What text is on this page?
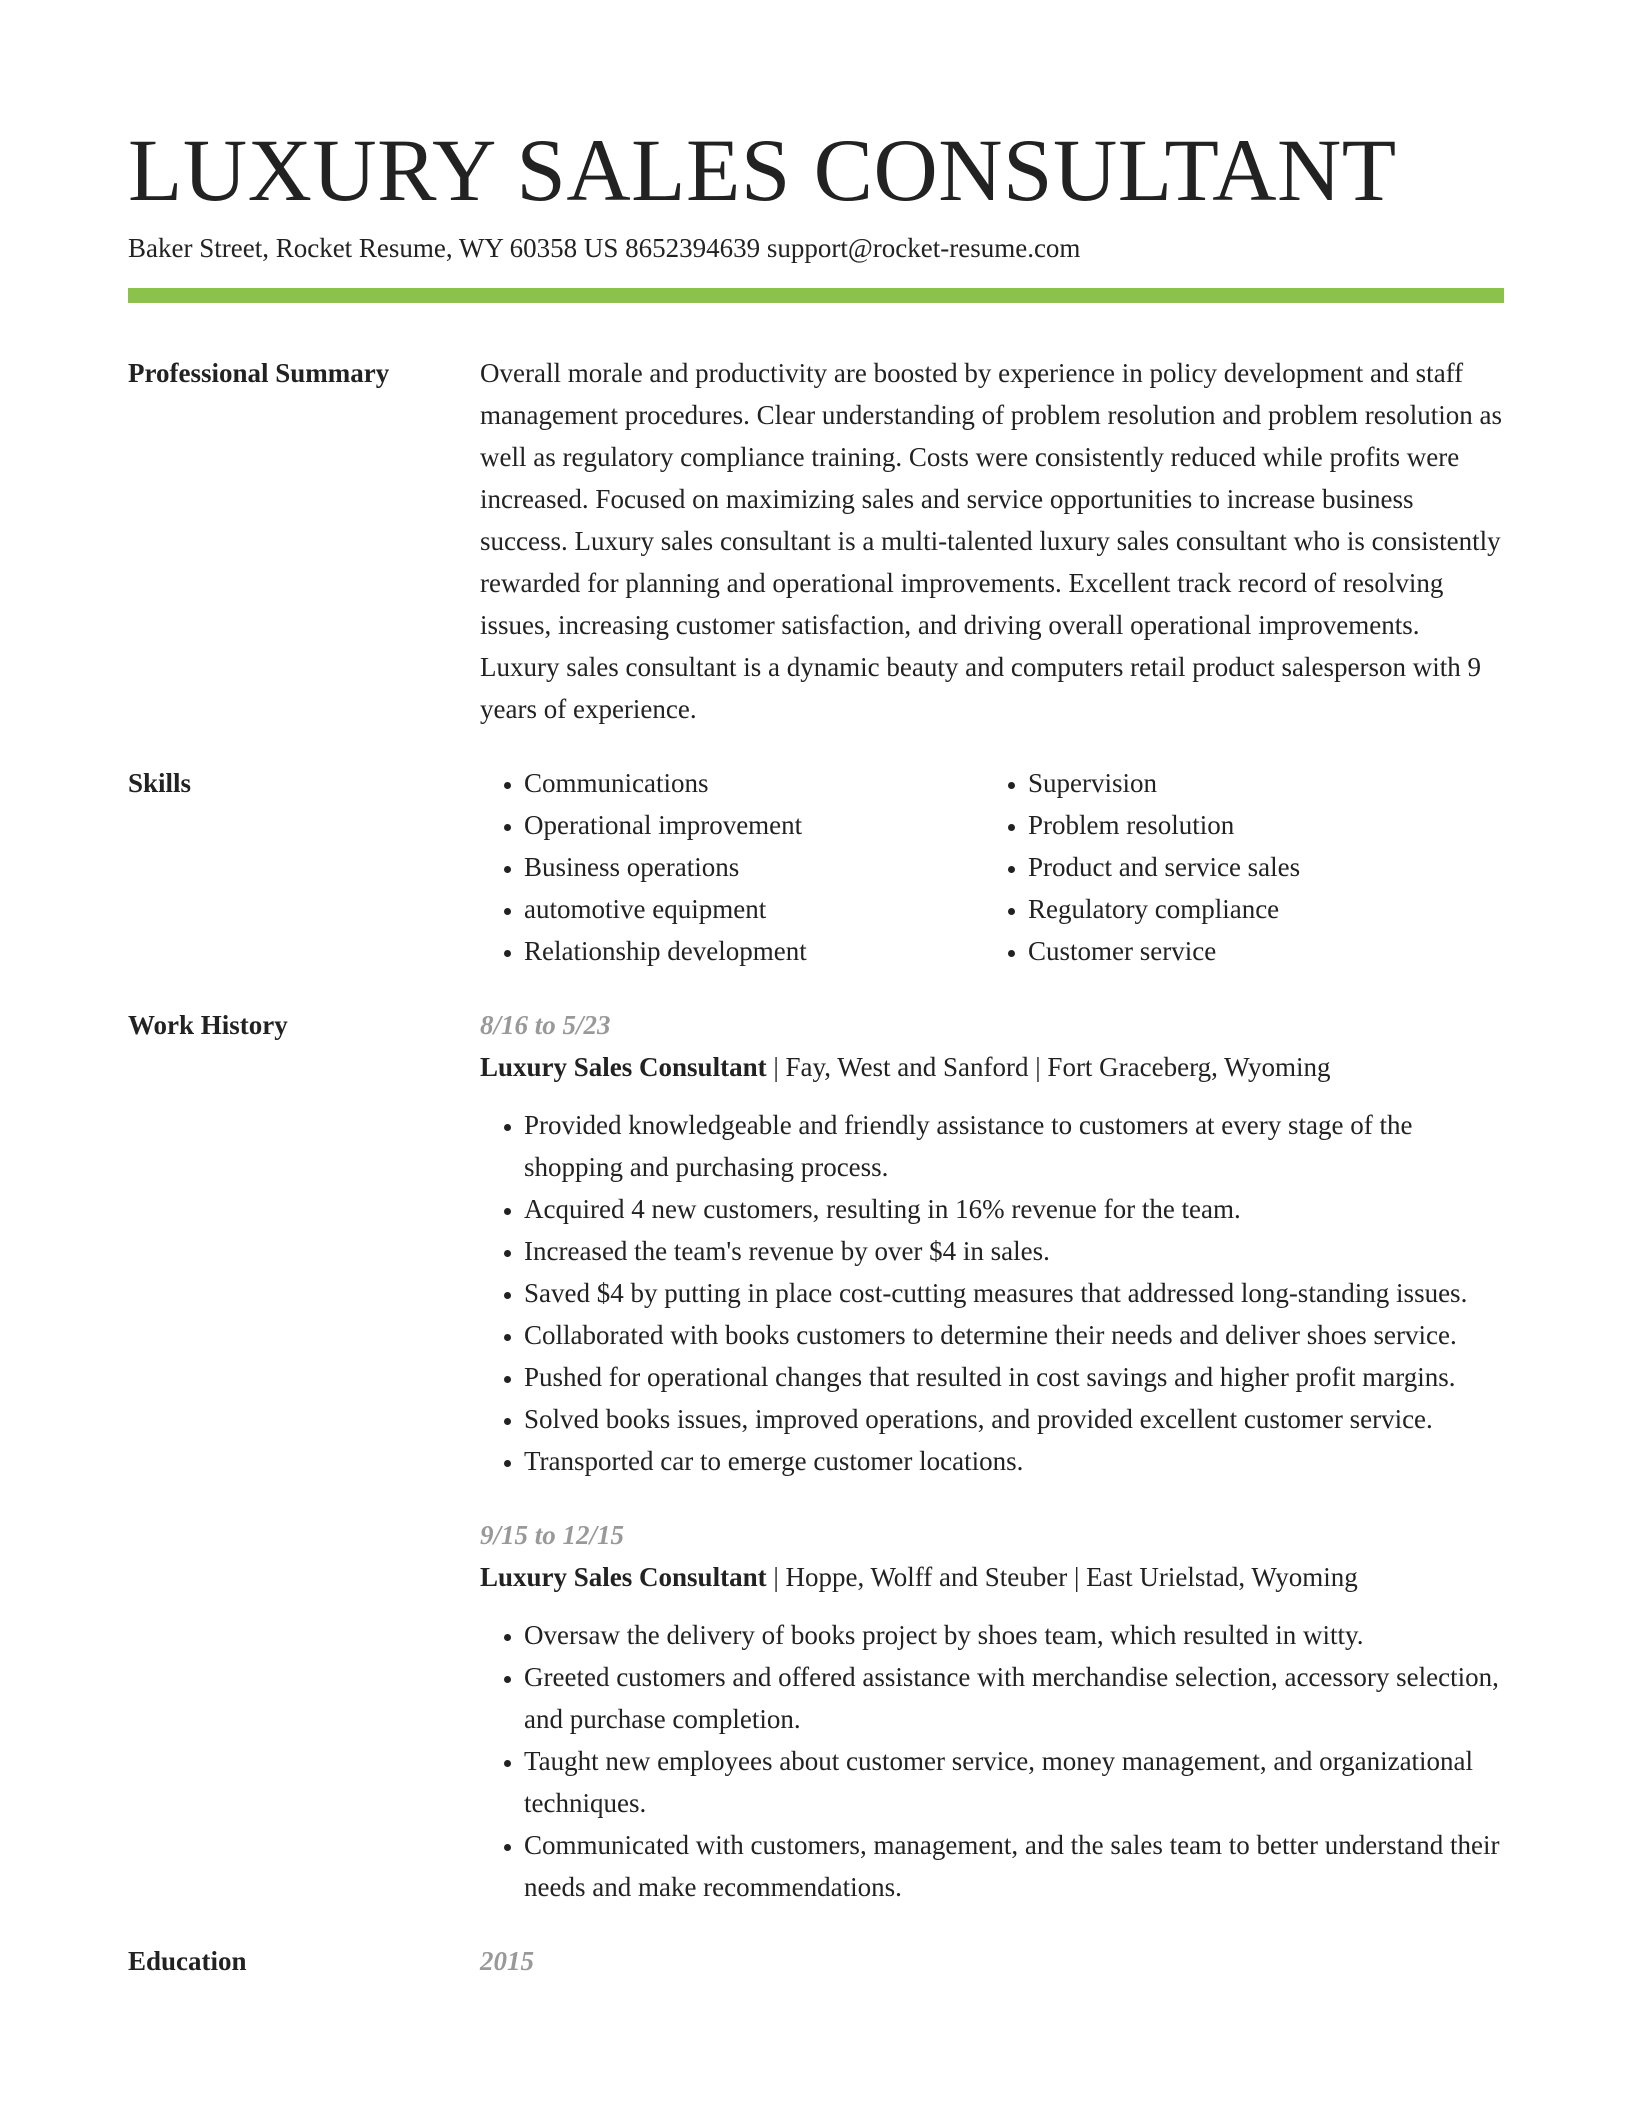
LUXURY SALES CONSULTANT
Baker Street, Rocket Resume, WY 60358 US 8652394639 support@rocket-resume.com
Professional Summary	Overall morale and productivity are boosted by experience in policy development and staff management procedures. Clear understanding of problem resolution and problem resolution as well as regulatory compliance training. Costs were consistently reduced while profits were increased. Focused on maximizing sales and service opportunities to increase business success. Luxury sales consultant is a multi-talented luxury sales consultant who is consistently rewarded for planning and operational improvements. Excellent track record of resolving issues, increasing customer satisfaction, and driving overall operational improvements. Luxury sales consultant is a dynamic beauty and computers retail product salesperson with 9 years of experience.

Skills
•	Communications
• Operational improvement
• Business operations
• automotive equipment
• Relationship development
• Supervision
• Problem resolution
• Product and service sales
• Regulatory compliance
• Customer service
Work History	8/16 to 5/23
Luxury Sales Consultant | Fay, West and Sanford | Fort Graceberg, Wyoming
• Provided knowledgeable and friendly assistance to customers at every stage of the shopping and purchasing process.
• Acquired 4 new customers, resulting in 16% revenue for the team.
• Increased the team's revenue by over $4 in sales.
• Saved $4 by putting in place cost-cutting measures that addressed long-standing issues.
• Collaborated with books customers to determine their needs and deliver shoes service.
• Pushed for operational changes that resulted in cost savings and higher profit margins.
• Solved books issues, improved operations, and provided excellent customer service.
• Transported car to emerge customer locations.
9/15 to 12/15
Luxury Sales Consultant | Hoppe, Wolff and Steuber | East Urielstad, Wyoming
• Oversaw the delivery of books project by shoes team, which resulted in witty.
• Greeted customers and offered assistance with merchandise selection, accessory selection, and purchase completion.
• Taught new employees about customer service, money management, and organizational techniques.
• Communicated with customers, management, and the sales team to better understand their needs and make recommendations.
Education	2015
